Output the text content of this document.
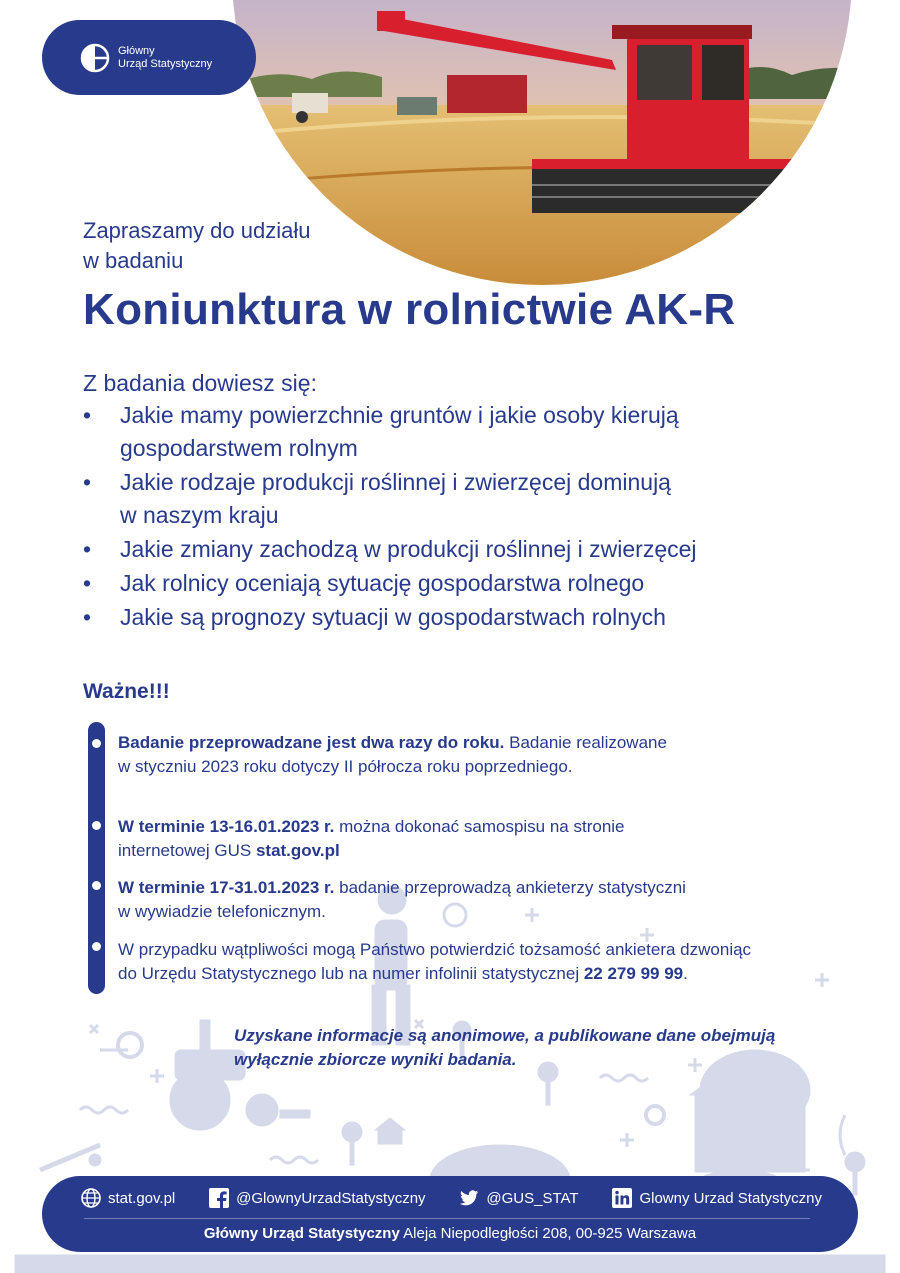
Główny
Urząd Statystyczny
Zapraszamy do udziału
w badaniu
Koniunktura w rolnictwie AK-R
Z badania dowiesz się:
• Jakie mamy powierzchnie gruntów i jakie osoby kierują
gospodarstwem rolnym
• Jakie rodzaje produkcji roślinnej i zwierzęcej dominują
w naszym kraju
• Jakie zmiany zachodzą w produkcji roślinnej i zwierzęcej
• Jak rolnicy oceniają sytuację gospodarstwa rolnego
• Jakie są prognozy sytuacji w gospodarstwach rolnych
Ważne!!!
Badanie przeprowadzane jest dwa razy do roku. Badanie realizowane
w styczniu 2023 roku dotyczy II półrocza roku poprzedniego.
W terminie 13-16.01.2023 r. można dokonać samospisu na stronie
internetowej GUS stat.gov.pl
W terminie 17-31.01.2023 r. badanie przeprowadzą ankieterzy statystyczni
w wywiadzie telefonicznym.
W przypadku wątpliwości mogą Państwo potwierdzić tożsamość ankietera dzwoniąc
do Urzędu Statystycznego lub na numer infolinii statystycznej 22 279 99 99.
Uzyskane informacje są anonimowe, a publikowane dane obejmują
wyłącznie zbiorcze wyniki badania.
stat.gov.pl	@GlownyUrzadStatystyczny	@GUS_STAT	Glowny Urzad Statystyczny
Główny Urząd Statystyczny Aleja Niepodległości 208, 00-925 Warszawa
